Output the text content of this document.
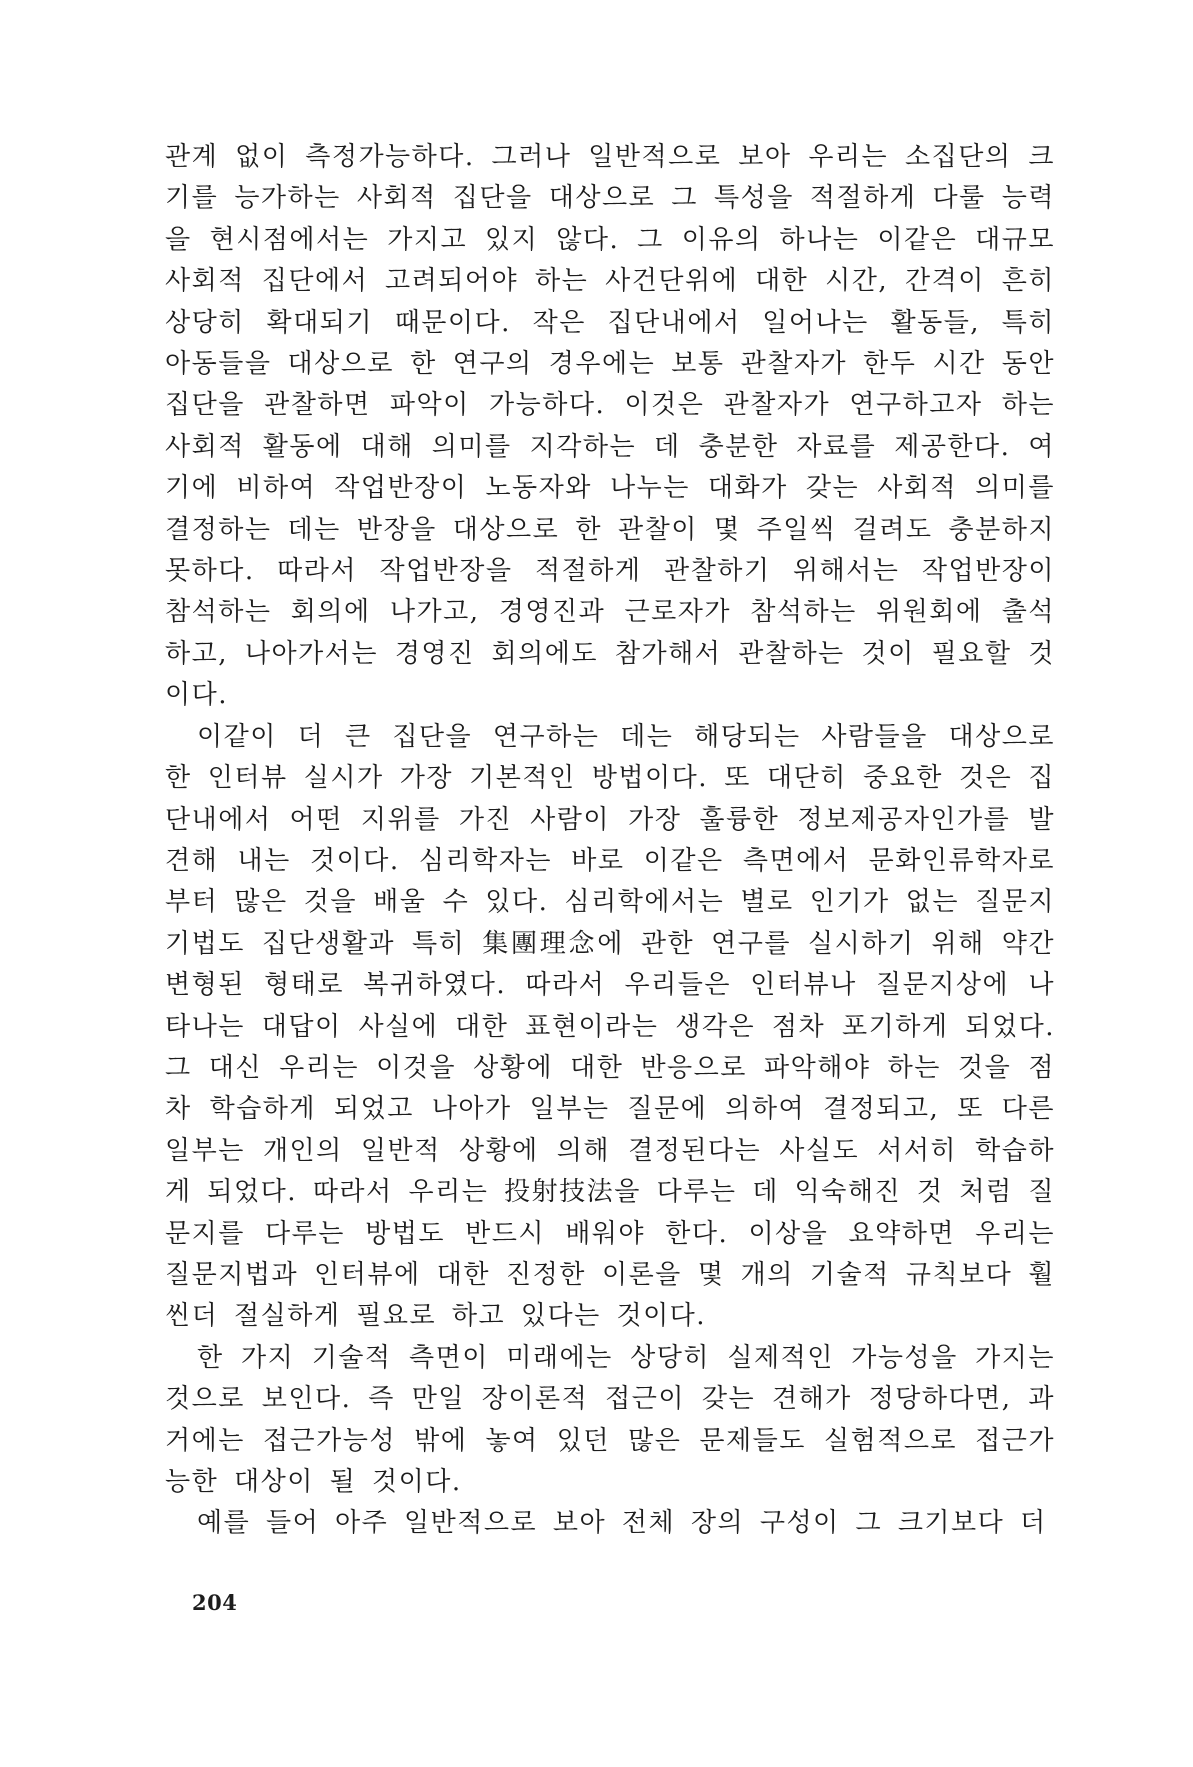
관계 없이 측정가능하다. 그러나 일반적으로 보아 우리는 소집단의 크기를 능가하는 사회적 집단을 대상으로 그 특성을 적절하게 다룰 능력을 현시점에서는 가지고 있지 않다. 그 이유의 하나는 이같은 대규모 사회적 집단에서 고려되어야 하는 사건단위에 대한 시간, 간격이 흔히 상당히 확대되기 때문이다. 작은 집단내에서 일어나는 활동들, 특히 아동들을 대상으로 한 연구의 경우에는 보통 관찰자가 한두 시간 동안 집단을 관찰하면 파악이 가능하다. 이것은 관찰자가 연구하고자 하는 사회적 활동에 대해 의미를 지각하는 데 충분한 자료를 제공한다. 여기에 비하여 작업반장이 노동자와 나누는 대화가 갖는 사회적 의미를 결정하는 데는 반장을 대상으로 한 관찰이 몇 주일씩 걸려도 충분하지 못하다. 따라서 작업반장을 적절하게 관찰하기 위해서는 작업반장이 참석하는 회의에 나가고, 경영진과 근로자가 참석하는 위원회에 출석하고, 나아가서는 경영진 회의에도 참가해서 관찰하는 것이 필요할 것이다.

이같이 더 큰 집단을 연구하는 데는 해당되는 사람들을 대상으로 한 인터뷰 실시가 가장 기본적인 방법이다. 또 대단히 중요한 것은 집단내에서 어떤 지위를 가진 사람이 가장 훌륭한 정보제공자인가를 발견해 내는 것이다. 심리학자는 바로 이같은 측면에서 문화인류학자로부터 많은 것을 배울 수 있다. 심리학에서는 별로 인기가 없는 질문지 기법도 집단생활과 특히 集團理念에 관한 연구를 실시하기 위해 약간 변형된 형태로 복귀하였다. 따라서 우리들은 인터뷰나 질문지상에 나타나는 대답이 사실에 대한 표현이라는 생각은 점차 포기하게 되었다. 그 대신 우리는 이것을 상황에 대한 반응으로 파악해야 하는 것을 점차 학습하게 되었고 나아가 일부는 질문에 의하여 결정되고, 또 다른 일부는 개인의 일반적 상황에 의해 결정된다는 사실도 서서히 학습하게 되었다. 따라서 우리는 投射技法을 다루는 데 익숙해진 것 처럼 질문지를 다루는 방법도 반드시 배워야 한다. 이상을 요약하면 우리는 질문지법과 인터뷰에 대한 진정한 이론을 몇 개의 기술적 규칙보다 훨씬더 절실하게 필요로 하고 있다는 것이다.

한 가지 기술적 측면이 미래에는 상당히 실제적인 가능성을 가지는 것으로 보인다. 즉 만일 장이론적 접근이 갖는 견해가 정당하다면, 과거에는 접근가능성 밖에 놓여 있던 많은 문제들도 실험적으로 접근가능한 대상이 될 것이다.

예를 들어 아주 일반적으로 보아 전체 장의 구성이 그 크기보다 더

204
